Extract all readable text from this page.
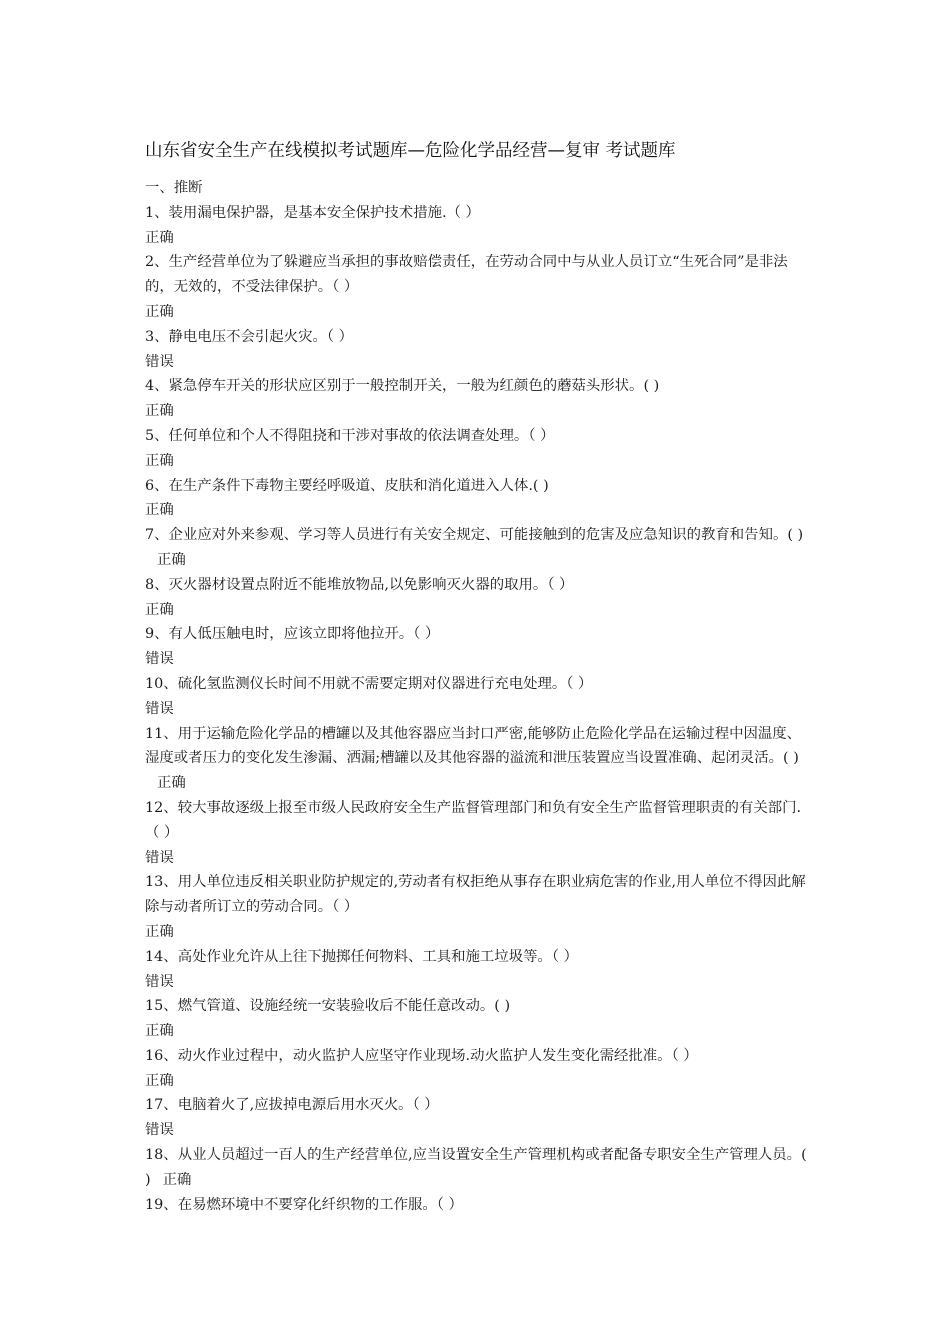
山东省安全生产在线模拟考试题库—危险化学品经营—复审 考试题库

一、推断

1、装用漏电保护器，是基本安全保护技术措施.（ ）

正确

2、生产经营单位为了躲避应当承担的事故赔偿责任，在劳动合同中与从业人员订立“生死合同”是非法的，无效的，不受法律保护。（ ）

正确

3、静电电压不会引起火灾。（ ）

错误

4、紧急停车开关的形状应区别于一般控制开关，一般为红颜色的蘑菇头形状。( )

正确

5、任何单位和个人不得阻挠和干涉对事故的依法调查处理。（ ）

正确

6、在生产条件下毒物主要经呼吸道、皮肤和消化道进入人体.( )

正确

7、企业应对外来参观、学习等人员进行有关安全规定、可能接触到的危害及应急知识的教育和告知。( )正确

8、灭火器材设置点附近不能堆放物品,以免影响灭火器的取用。（ ）

正确

9、有人低压触电时，应该立即将他拉开。（ ）

错误

10、硫化氢监测仪长时间不用就不需要定期对仪器进行充电处理。（ ）

错误

11、用于运输危险化学品的槽罐以及其他容器应当封口严密,能够防止危险化学品在运输过程中因温度、湿度或者压力的变化发生渗漏、洒漏;槽罐以及其他容器的溢流和泄压装置应当设置准确、起闭灵活。( )正确

12、较大事故逐级上报至市级人民政府安全生产监督管理部门和负有安全生产监督管理职责的有关部门.（ ）

错误

13、用人单位违反相关职业防护规定的,劳动者有权拒绝从事存在职业病危害的作业,用人单位不得因此解除与动者所订立的劳动合同。（ ）

正确

14、高处作业允许从上往下抛掷任何物料、工具和施工垃圾等。（ ）

错误

15、燃气管道、设施经统一安装验收后不能任意改动。( )

正确

16、动火作业过程中，动火监护人应坚守作业现场.动火监护人发生变化需经批准。（ ）

正确

17、电脑着火了,应拔掉电源后用水灭火。（ ）

错误

18、从业人员超过一百人的生产经营单位,应当设置安全生产管理机构或者配备专职安全生产管理人员。( ) 正确

19、在易燃环境中不要穿化纤织物的工作服。（ ）
